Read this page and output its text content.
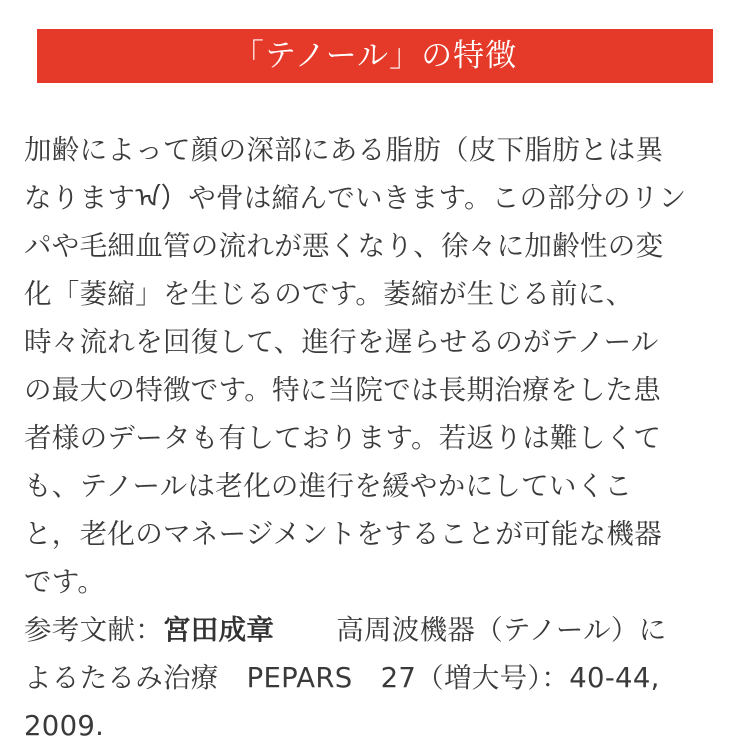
「テノール」の特徴
加齢によって顔の深部にある脂肪（皮下脂肪とは異
なりますᠠ）や骨は縮んでいきます。この部分のリン
パや毛細血管の流れが悪くなり、徐々に加齢性の変
化「萎縮」を生じるのです。萎縮が生じる前に、
時々流れを回復して、進行を遅らせるのがテノール
の最大の特徴です。特に当院では長期治療をした患
者様のデータも有しております。若返りは難しくて
も、テノールは老化の進行を緩やかにしていくこ
と，老化のマネージメントをすることが可能な機器
です。
参考文献：宮田成章 高周波機器（テノール）に
よるたるみ治療 PEPARS 27（増大号）：40-44,
2009.
